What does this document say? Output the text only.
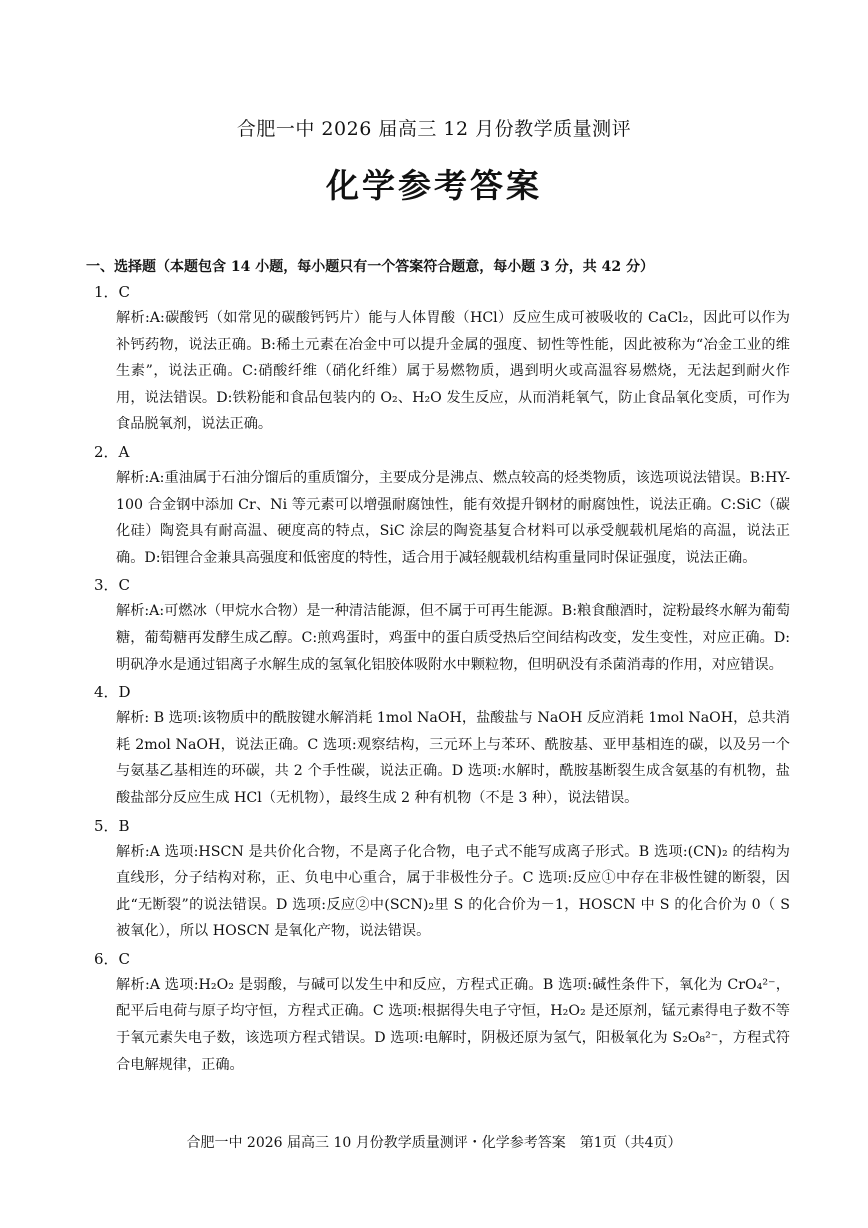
合肥一中 2026 届高三 12 月份教学质量测评
化学参考答案
一、选择题（本题包含 14 小题，每小题只有一个答案符合题意，每小题 3 分，共 42 分）
1．C
解析:A:碳酸钙（如常见的碳酸钙钙片）能与人体胃酸（HCl）反应生成可被吸收的 CaCl₂，因此可以作为补钙药物，说法正确。B:稀土元素在冶金中可以提升金属的强度、韧性等性能，因此被称为“冶金工业的维生素”，说法正确。C:硝酸纤维（硝化纤维）属于易燃物质，遇到明火或高温容易燃烧，无法起到耐火作用，说法错误。D:铁粉能和食品包装内的 O₂、H₂O 发生反应，从而消耗氧气，防止食品氧化变质，可作为食品脱氧剂，说法正确。
2．A
解析:A:重油属于石油分馏后的重质馏分，主要成分是沸点、燃点较高的烃类物质，该选项说法错误。B:HY-100 合金钢中添加 Cr、Ni 等元素可以增强耐腐蚀性，能有效提升钢材的耐腐蚀性，说法正确。C:SiC（碳化硅）陶瓷具有耐高温、硬度高的特点，SiC 涂层的陶瓷基复合材料可以承受舰载机尾焰的高温，说法正确。D:铝锂合金兼具高强度和低密度的特性，适合用于减轻舰载机结构重量同时保证强度，说法正确。
3．C
解析:A:可燃冰（甲烷水合物）是一种清洁能源，但不属于可再生能源。B:粮食酿酒时，淀粉最终水解为葡萄糖，葡萄糖再发酵生成乙醇。C:煎鸡蛋时，鸡蛋中的蛋白质受热后空间结构改变，发生变性，对应正确。D:明矾净水是通过铝离子水解生成的氢氧化铝胶体吸附水中颗粒物，但明矾没有杀菌消毒的作用，对应错误。
4．D
解析: B 选项:该物质中的酰胺键水解消耗 1mol NaOH，盐酸盐与 NaOH 反应消耗 1mol NaOH，总共消耗 2mol NaOH，说法正确。C 选项:观察结构，三元环上与苯环、酰胺基、亚甲基相连的碳，以及另一个与氨基乙基相连的环碳，共 2 个手性碳，说法正确。D 选项:水解时，酰胺基断裂生成含氨基的有机物，盐酸盐部分反应生成 HCl（无机物），最终生成 2 种有机物（不是 3 种），说法错误。
5．B
解析:A 选项:HSCN 是共价化合物，不是离子化合物，电子式不能写成离子形式。B 选项:(CN)₂ 的结构为直线形，分子结构对称，正、负电中心重合，属于非极性分子。C 选项:反应①中存在非极性键的断裂，因此“无断裂”的说法错误。D 选项:反应②中(SCN)₂里 S 的化合价为－1，HOSCN 中 S 的化合价为 0（ S 被氧化），所以 HOSCN 是氧化产物，说法错误。
6．C
解析:A 选项:H₂O₂ 是弱酸，与碱可以发生中和反应，方程式正确。B 选项:碱性条件下，氧化为 CrO₄²⁻，配平后电荷与原子均守恒，方程式正确。C 选项:根据得失电子守恒，H₂O₂ 是还原剂，锰元素得电子数不等于氧元素失电子数，该选项方程式错误。D 选项:电解时，阴极还原为氢气，阳极氧化为 S₂O₈²⁻，方程式符合电解规律，正确。
合肥一中 2026 届高三 10 月份教学质量测评・化学参考答案　第1页（共4页）
